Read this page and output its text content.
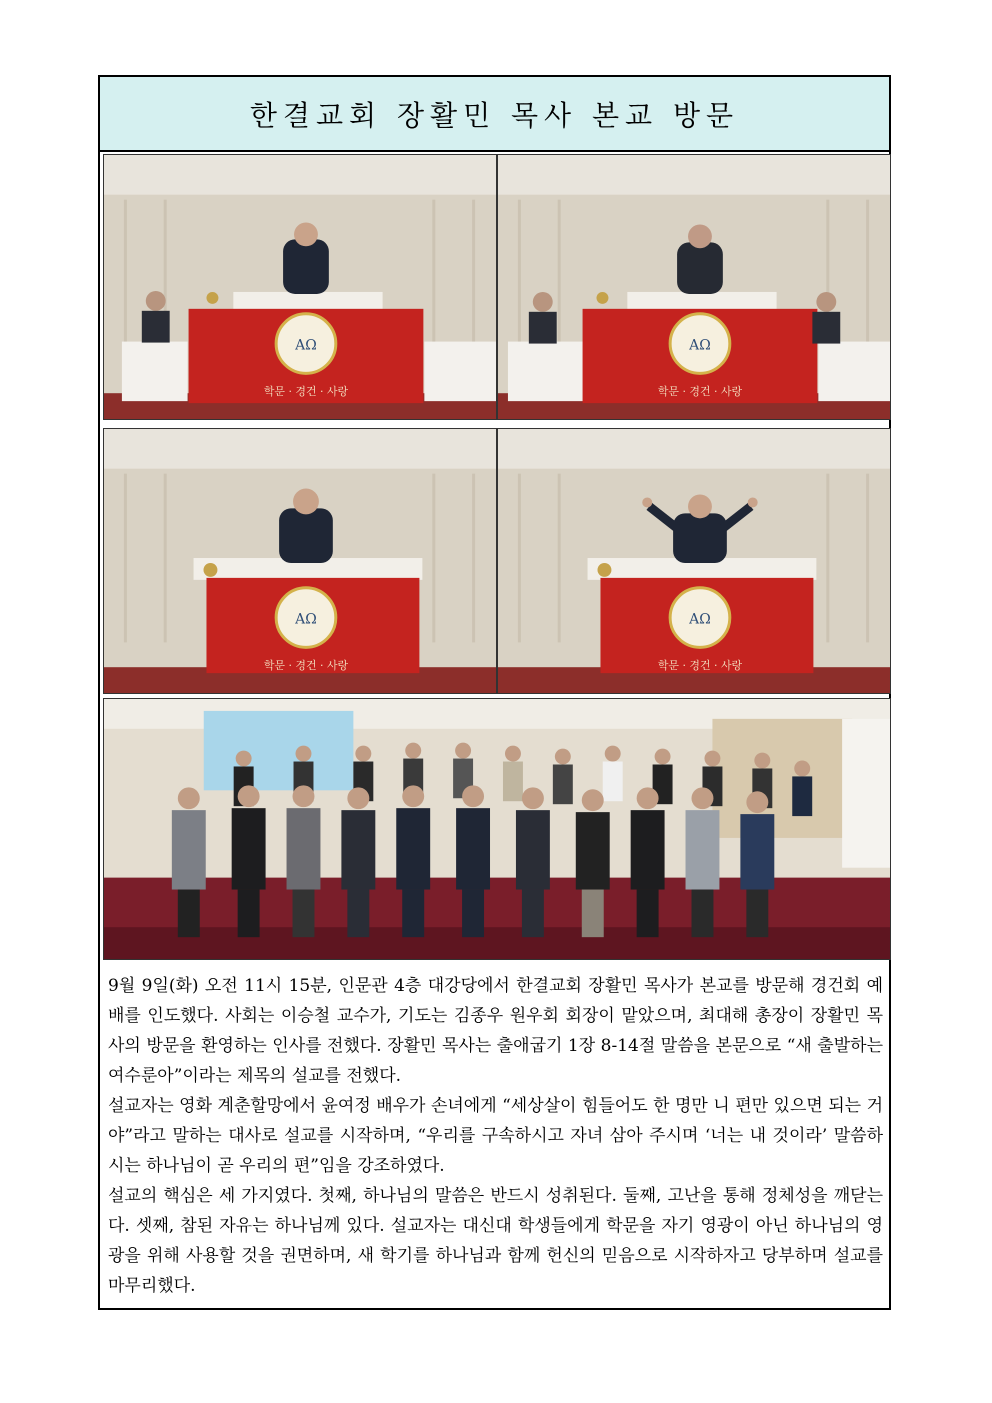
한결교회 장활민 목사 본교 방문
AΩ
학문 · 경건 · 사랑
AΩ
학문 · 경건 · 사랑
AΩ
학문 · 경건 · 사랑
AΩ
학문 · 경건 · 사랑

9월 9일(화) 오전 11시 15분, 인문관 4층 대강당에서 한결교회 장활민 목사가 본교를 방문해 경건회 예배를 인도했다. 사회는 이승철 교수가, 기도는 김종우 원우회 회장이 맡았으며, 최대해 총장이 장활민 목사의 방문을 환영하는 인사를 전했다. 장활민 목사는 출애굽기 1장 8-14절 말씀을 본문으로 “새 출발하는 여수룬아”이라는 제목의 설교를 전했다.

설교자는 영화 계춘할망에서 윤여정 배우가 손녀에게 “세상살이 힘들어도 한 명만 니 편만 있으면 되는 거야”라고 말하는 대사로 설교를 시작하며, “우리를 구속하시고 자녀 삼아 주시며 ‘너는 내 것이라’ 말씀하시는 하나님이 곧 우리의 편”임을 강조하였다.

설교의 핵심은 세 가지였다. 첫째, 하나님의 말씀은 반드시 성취된다. 둘째, 고난을 통해 정체성을 깨닫는다. 셋째, 참된 자유는 하나님께 있다. 설교자는 대신대 학생들에게 학문을 자기 영광이 아닌 하나님의 영광을 위해 사용할 것을 권면하며, 새 학기를 하나님과 함께 헌신의 믿음으로 시작하자고 당부하며 설교를 마무리했다.
